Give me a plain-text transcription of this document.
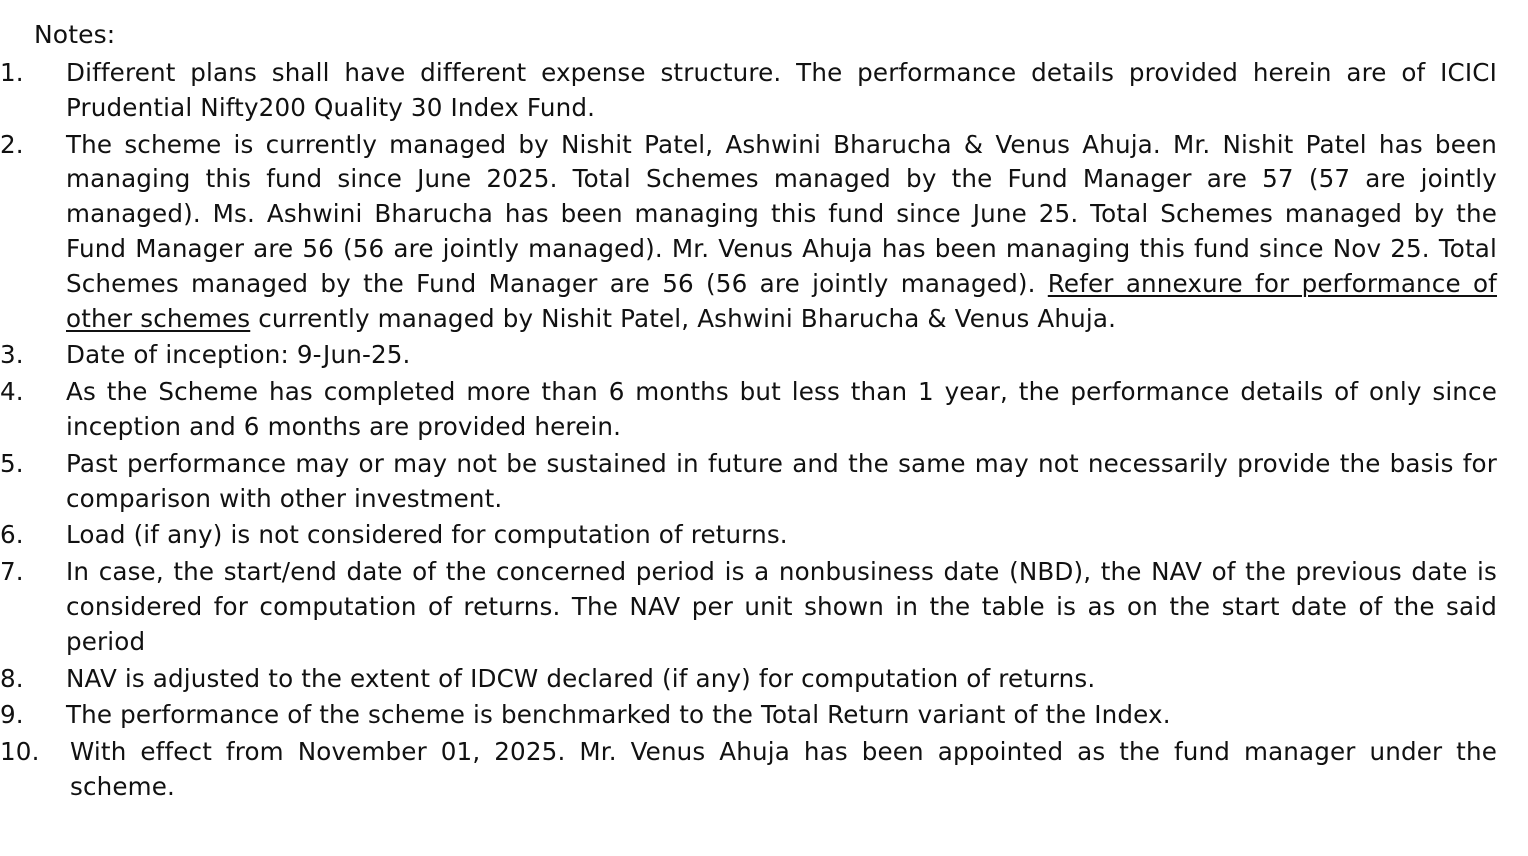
Notes:
1.	Different plans shall have different expense structure. The performance details provided herein are of ICICI Prudential Nifty200 Quality 30 Index Fund.
2.	The scheme is currently managed by Nishit Patel, Ashwini Bharucha & Venus Ahuja. Mr. Nishit Patel has been managing this fund since June 2025. Total Schemes managed by the Fund Manager are 57 (57 are jointly managed). Ms. Ashwini Bharucha has been managing this fund since June 25. Total Schemes managed by the Fund Manager are 56 (56 are jointly managed). Mr. Venus Ahuja has been managing this fund since Nov 25. Total Schemes managed by the Fund Manager are 56 (56 are jointly managed). Refer annexure for performance of other schemes currently managed by Nishit Patel, Ashwini Bharucha & Venus Ahuja.
3.	Date of inception: 9-Jun-25.
4.	As the Scheme has completed more than 6 months but less than 1 year, the performance details of only since inception and 6 months are provided herein.
5.	Past performance may or may not be sustained in future and the same may not necessarily provide the basis for comparison with other investment.
6.	Load (if any) is not considered for computation of returns.
7.	In case, the start/end date of the concerned period is a nonbusiness date (NBD), the NAV of the previous date is considered for computation of returns. The NAV per unit shown in the table is as on the start date of the said period
8.	NAV is adjusted to the extent of IDCW declared (if any) for computation of returns.
9.	The performance of the scheme is benchmarked to the Total Return variant of the Index.
10.	With effect from November 01, 2025. Mr. Venus Ahuja has been appointed as the fund manager under the scheme.
